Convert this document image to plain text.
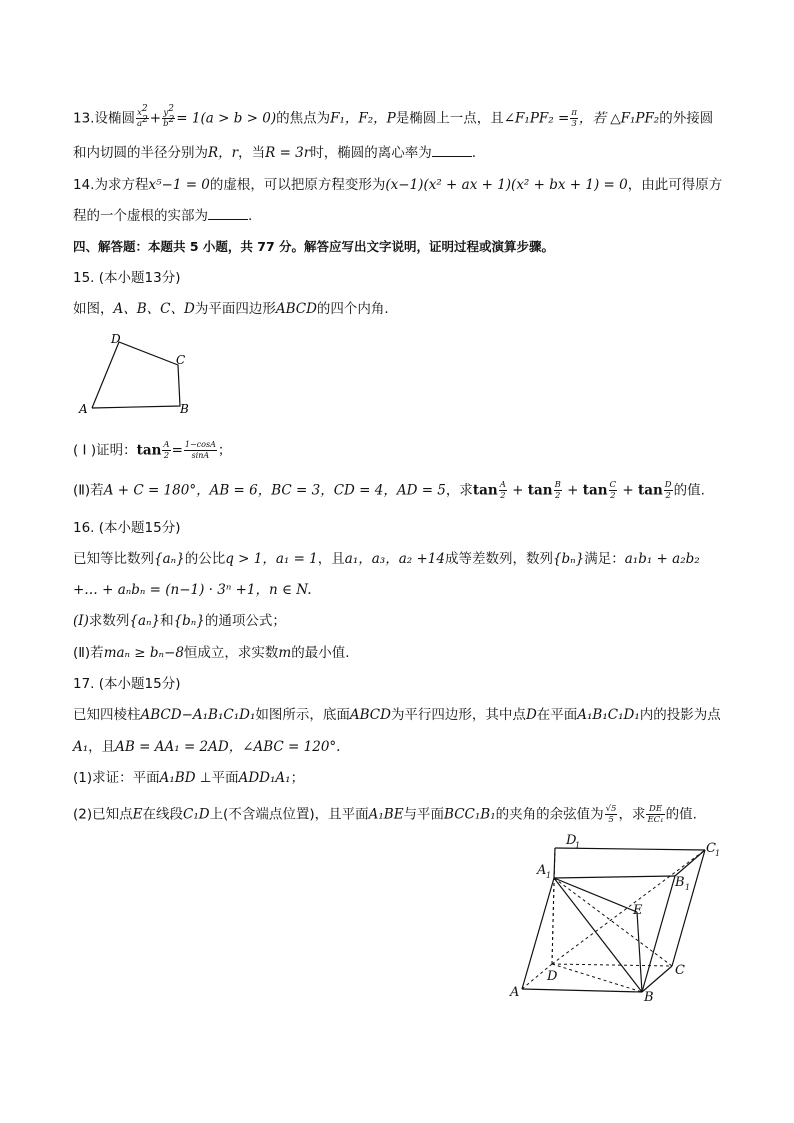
13.设椭圆 $\frac{x^2}{a^2} + \frac{y^2}{b^2} = 1(a > b > 0)$的焦点为F₁，F₂，P是椭圆上一点，且∠F₁PF₂ = $\frac{\pi}{3}$ ，若 △F₁PF₂的外接圆
和内切圆的半径分别为R，r，当R = 3r时，椭圆的离心率为	.
14.为求方程x⁵−1 = 0的虚根，可以把原方程变形为(x−1)(x² + ax + 1)(x² + bx + 1) = 0，由此可得原方
程的一个虚根的实部为	.
四、解答题：本题共 5 小题，共 77 分。解答应写出文字说明，证明过程或演算步骤。
15. (本小题13分)
如图，A、B、C、D为平面四边形ABCD的四个内角.
A	B
C
D
( I )证明：$\tan \frac{A}{2} = \frac{1-\cos A}{\sin A}$ ；
(Ⅱ)若A + C = 180°，AB = 6，BC = 3，CD = 4，AD = 5，求$\tan \frac{A}{2} + \tan \frac{B}{2} + \tan \frac{C}{2} + \tan \frac{D}{2}$ 的值.
16. (本小题15分)
已知等比数列{aₙ}的公比q > 1，a₁ = 1，且a₁，a₃，a₂ +14成等差数列，数列{bₙ}满足：a₁b₁ + a₂b₂
+… + aₙbₙ = (n−1) · 3ⁿ +1，n ∈ N.
(I)求数列{aₙ}和{bₙ}的通项公式；
(Ⅱ)若maₙ ≥ bₙ−8恒成立，求实数m的最小值.
17. (本小题15分)
已知四棱柱ABCD−A₁B₁C₁D₁如图所示，底面ABCD为平行四边形，其中点D在平面A₁B₁C₁D₁内的投影为点
A₁，且AB = AA₁ = 2AD，∠ABC = 120°.
(1)求证：平面A₁BD ⊥平面ADD₁A₁；
(2)已知点E在线段C₁D上(不含端点位置)，且平面A₁BE与平面BCC₁B₁的夹角的余弦值为 $\frac{√5}{5}$ ，求 $\frac{DE}{\text{EC₁}}$ 的值.
A	B
C
D
E
A 1	B 1
C 1
D
1
